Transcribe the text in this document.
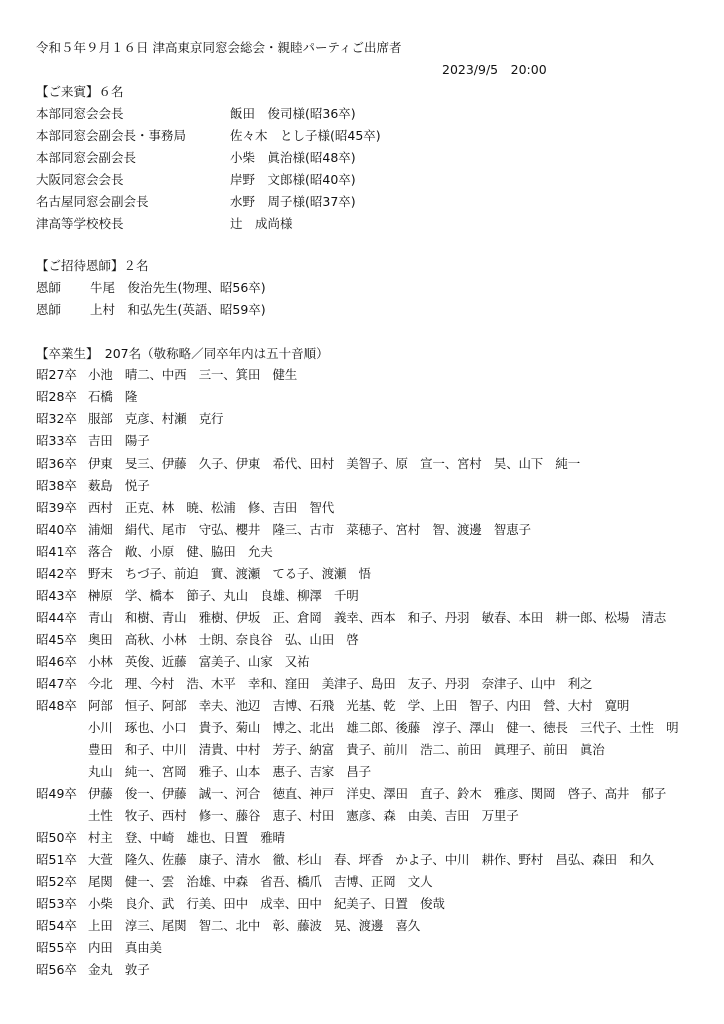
令和５年９月１６日 津高東京同窓会総会・親睦パーティご出席者
2023/9/5　20:00
【ご来賓】６名
本部同窓会会長	飯田　俊司様(昭36卒)
本部同窓会副会長・事務局	佐々木　とし子様(昭45卒)
本部同窓会副会長	小柴　眞治様(昭48卒)
大阪同窓会会長	岸野　文郎様(昭40卒)
名古屋同窓会副会長	水野　周子様(昭37卒)
津高等学校校長	辻　成尚様
【ご招待恩師】２名
恩師 牛尾　俊治先生(物理、昭56卒)
恩師 上村　和弘先生(英語、昭59卒)
【卒業生】　207名（敬称略／同卒年内は五十音順）
昭27卒 小池　晴二、中西　三一、箕田　健生
昭28卒 石橋　隆
昭32卒 服部　克彦、村瀬　克行
昭33卒 吉田　陽子
昭36卒 伊東　旻三、伊藤　久子、伊東　希代、田村　美智子、原　宣一、宮村　昊、山下　純一
昭38卒 薮島　悦子
昭39卒 西村　正克、林　暁、松浦　修、吉田　智代
昭40卒 浦畑　絹代、尾市　守弘、櫻井　隆三、古市　菜穂子、宮村　智、渡邊　智恵子
昭41卒 落合　敞、小原　健、脇田　允夫
昭42卒 野末　ちづ子、前迫　實、渡瀬　てる子、渡瀬　悟
昭43卒 榊原　学、橋本　節子、丸山　良雄、柳澤　千明
昭44卒 青山　和樹、青山　雅樹、伊坂　正、倉岡　義幸、西本　和子、丹羽　敏春、本田　耕一郎、松場　清志
昭45卒 奥田　高秋、小林　士朗、奈良谷　弘、山田　啓
昭46卒 小林　英俊、近藤　富美子、山家　又祐
昭47卒 今北　理、今村　浩、木平　幸和、窪田　美津子、島田　友子、丹羽　奈津子、山中　利之
昭48卒 阿部　恒子、阿部　幸夫、池辺　吉博、石飛　光基、乾　学、上田　智子、内田　營、大村　寛明
小川　琢也、小口　貴予、菊山　博之、北出　雄二郎、後藤　淳子、澤山　健一、徳長　三代子、土性　明
豊田　和子、中川　清貴、中村　芳子、納富　貴子、前川　浩二、前田　眞理子、前田　眞治
丸山　純一、宮岡　雅子、山本　惠子、吉家　昌子
昭49卒 伊藤　俊一、伊藤　誠一、河合　徳直、神戸　洋史、澤田　直子、鈴木　雅彦、関岡　啓子、高井　郁子
土性　牧子、西村　修一、藤谷　恵子、村田　憲彦、森　由美、吉田　万里子
昭50卒 村主　登、中崎　雄也、日置　雅晴
昭51卒 大萱　隆久、佐藤　康子、清水　徹、杉山　春、坪香　かよ子、中川　耕作、野村　昌弘、森田　和久
昭52卒 尾関　健一、雲　治雄、中森　省吾、橋爪　吉博、正岡　文人
昭53卒 小柴　良介、武　行美、田中　成幸、田中　紀美子、日置　俊哉
昭54卒 上田　淳三、尾関　智二、北中　彰、藤波　晃、渡邊　喜久
昭55卒 内田　真由美
昭56卒 金丸　敦子
